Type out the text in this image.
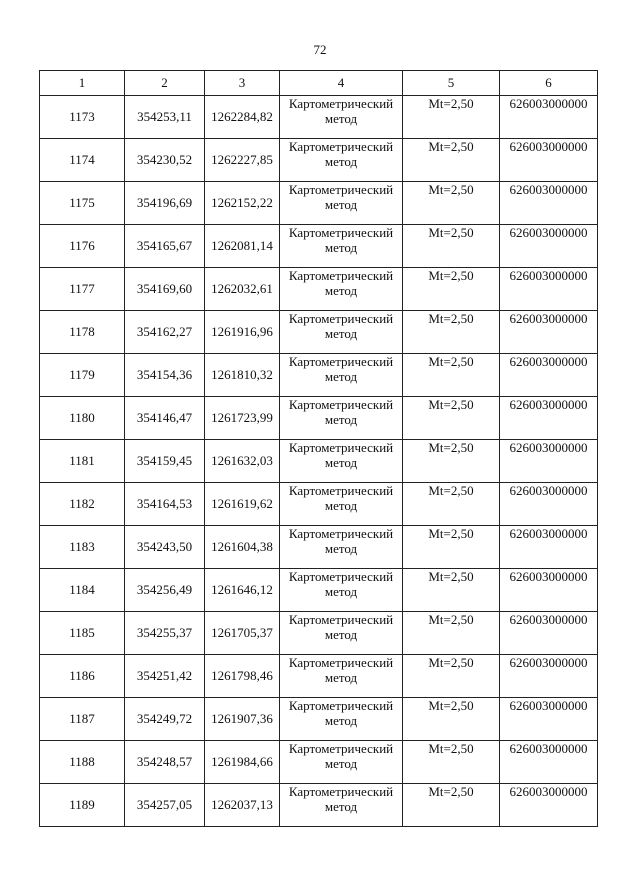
72
1	2	3	4	5	6
1173	354253,11	1262284,82	Картометрический метод	Mt=2,50	626003000000
1174	354230,52	1262227,85	Картометрический метод	Mt=2,50	626003000000
1175	354196,69	1262152,22	Картометрический метод	Mt=2,50	626003000000
1176	354165,67	1262081,14	Картометрический метод	Mt=2,50	626003000000
1177	354169,60	1262032,61	Картометрический метод	Mt=2,50	626003000000
1178	354162,27	1261916,96	Картометрический метод	Mt=2,50	626003000000
1179	354154,36	1261810,32	Картометрический метод	Mt=2,50	626003000000
1180	354146,47	1261723,99	Картометрический метод	Mt=2,50	626003000000
1181	354159,45	1261632,03	Картометрический метод	Mt=2,50	626003000000
1182	354164,53	1261619,62	Картометрический метод	Mt=2,50	626003000000
1183	354243,50	1261604,38	Картометрический метод	Mt=2,50	626003000000
1184	354256,49	1261646,12	Картометрический метод	Mt=2,50	626003000000
1185	354255,37	1261705,37	Картометрический метод	Mt=2,50	626003000000
1186	354251,42	1261798,46	Картометрический метод	Mt=2,50	626003000000
1187	354249,72	1261907,36	Картометрический метод	Mt=2,50	626003000000
1188	354248,57	1261984,66	Картометрический метод	Mt=2,50	626003000000
1189	354257,05	1262037,13	Картометрический метод	Mt=2,50	626003000000
